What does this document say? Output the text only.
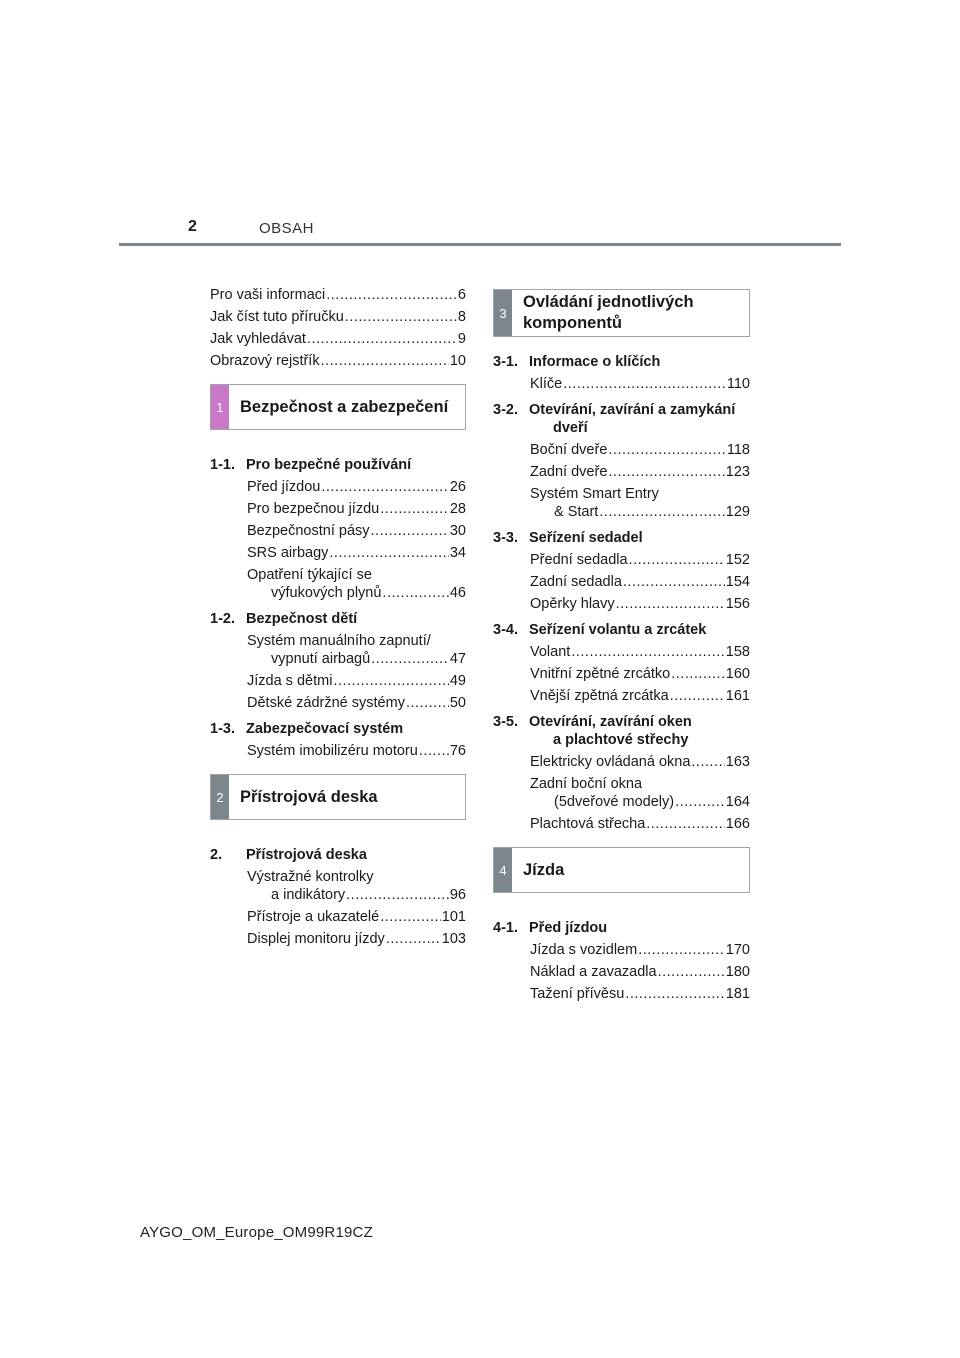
2	OBSAH
Pro vaši informaci .....	6
Jak číst tuto příručku .....	8
Jak vyhledávat .....	9
Obrazový rejstřík .....	10
1 Bezpečnost a zabezpečení
1-1. Pro bezpečné používání
Před jízdou .....	26
Pro bezpečnou jízdu .....	28
Bezpečnostní pásy .....	30
SRS airbagy .....	34
Opatření týkající se
výfukových plynů .....	46
1-2. Bezpečnost dětí
Systém manuálního zapnutí/
vypnutí airbagů .....	47
Jízda s dětmi .....	49
Dětské zádržné systémy .....	50
1-3. Zabezpečovací systém
Systém imobilizéru motoru ..... 76
2 Přístrojová deska
2.	Přístrojová deska
Výstražné kontrolky
a indikátory .....	96
Přístroje a ukazatelé .....	101
Displej monitoru jízdy .....	103
3
Ovládání jednotlivých
komponentů
3-1. Informace o klíčích
Klíče .....	110
3-2. Otevírání, zavírání a zamykání
dveří
Boční dveře .....	118
Zadní dveře .....	123
Systém Smart Entry
& Start .....	129
3-3. Seřízení sedadel
Přední sedadla .....	152
Zadní sedadla .....	154
Opěrky hlavy .....	156
3-4. Seřízení volantu a zrcátek
Volant .....	158
Vnitřní zpětné zrcátko .....	160
Vnější zpětná zrcátka .....	161
3-5. Otevírání, zavírání oken
a plachtové střechy
Elektricky ovládaná okna ..... 163
Zadní boční okna
(5dveřové modely) .....	164
Plachtová střecha .....	166
4 Jízda
4-1. Před jízdou
Jízda s vozidlem .....	170
Náklad a zavazadla .....	180
Tažení přívěsu .....	181
AYGO_OM_Europe_OM99R19CZ
